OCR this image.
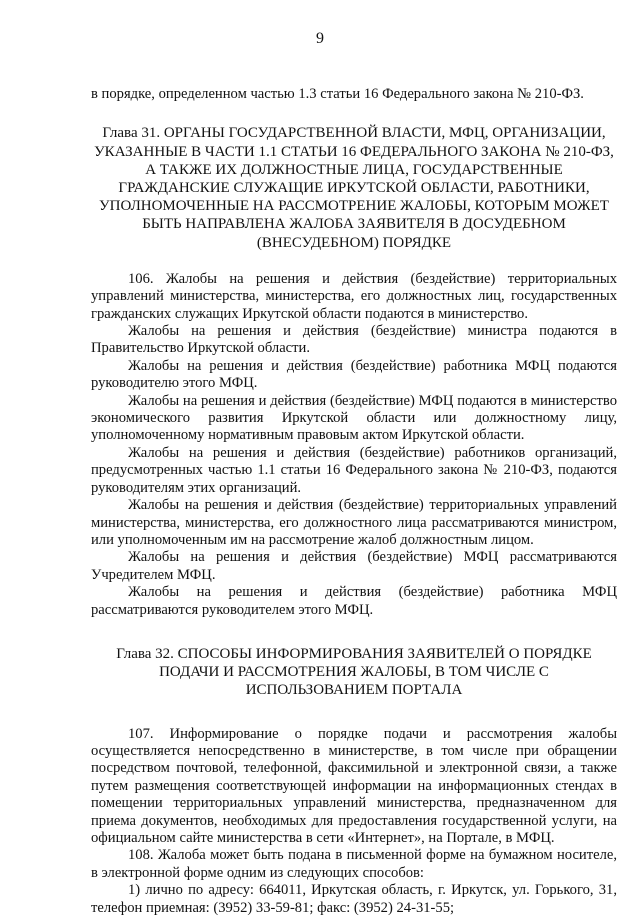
9

в порядке, определенном частью 1.3 статьи 16 Федерального закона № 210-ФЗ.

Глава 31. ОРГАНЫ ГОСУДАРСТВЕННОЙ ВЛАСТИ, МФЦ, ОРГАНИЗАЦИИ, УКАЗАННЫЕ В ЧАСТИ 1.1 СТАТЬИ 16 ФЕДЕРАЛЬНОГО ЗАКОНА № 210-ФЗ, А ТАКЖЕ ИХ ДОЛЖНОСТНЫЕ ЛИЦА, ГОСУДАРСТВЕННЫЕ ГРАЖДАНСКИЕ СЛУЖАЩИЕ ИРКУТСКОЙ ОБЛАСТИ, РАБОТНИКИ, УПОЛНОМОЧЕННЫЕ НА РАССМОТРЕНИЕ ЖАЛОБЫ, КОТОРЫМ МОЖЕТ БЫТЬ НАПРАВЛЕНА ЖАЛОБА ЗАЯВИТЕЛЯ В ДОСУДЕБНОМ (ВНЕСУДЕБНОМ) ПОРЯДКЕ

106. Жалобы на решения и действия (бездействие) территориальных управлений министерства, министерства, его должностных лиц, государственных гражданских служащих Иркутской области подаются в министерство.

Жалобы на решения и действия (бездействие) министра подаются в Правительство Иркутской области.

Жалобы на решения и действия (бездействие) работника МФЦ подаются руководителю этого МФЦ.

Жалобы на решения и действия (бездействие) МФЦ подаются в министерство экономического развития Иркутской области или должностному лицу, уполномоченному нормативным правовым актом Иркутской области.

Жалобы на решения и действия (бездействие) работников организаций, предусмотренных частью 1.1 статьи 16 Федерального закона № 210-ФЗ, подаются руководителям этих организаций.

Жалобы на решения и действия (бездействие) территориальных управлений министерства, министерства, его должностного лица рассматриваются министром, или уполномоченным им на рассмотрение жалоб должностным лицом.

Жалобы на решения и действия (бездействие) МФЦ рассматриваются Учредителем МФЦ.

Жалобы на решения и действия (бездействие) работника МФЦ рассматриваются руководителем этого МФЦ.

Глава 32. СПОСОБЫ ИНФОРМИРОВАНИЯ ЗАЯВИТЕЛЕЙ О ПОРЯДКЕ ПОДАЧИ И РАССМОТРЕНИЯ ЖАЛОБЫ, В ТОМ ЧИСЛЕ С ИСПОЛЬЗОВАНИЕМ ПОРТАЛА

107. Информирование о порядке подачи и рассмотрения жалобы осуществляется непосредственно в министерстве, в том числе при обращении посредством почтовой, телефонной, факсимильной и электронной связи, а также путем размещения соответствующей информации на информационных стендах в помещении территориальных управлений министерства, предназначенном для приема документов, необходимых для предоставления государственной услуги, на официальном сайте министерства в сети «Интернет», на Портале, в МФЦ.

108. Жалоба может быть подана в письменной форме на бумажном носителе, в электронной форме одним из следующих способов:

1) лично по адресу: 664011, Иркутская область, г. Иркутск, ул. Горького, 31, телефон приемная: (3952) 33-59-81; факс: (3952) 24-31-55;
